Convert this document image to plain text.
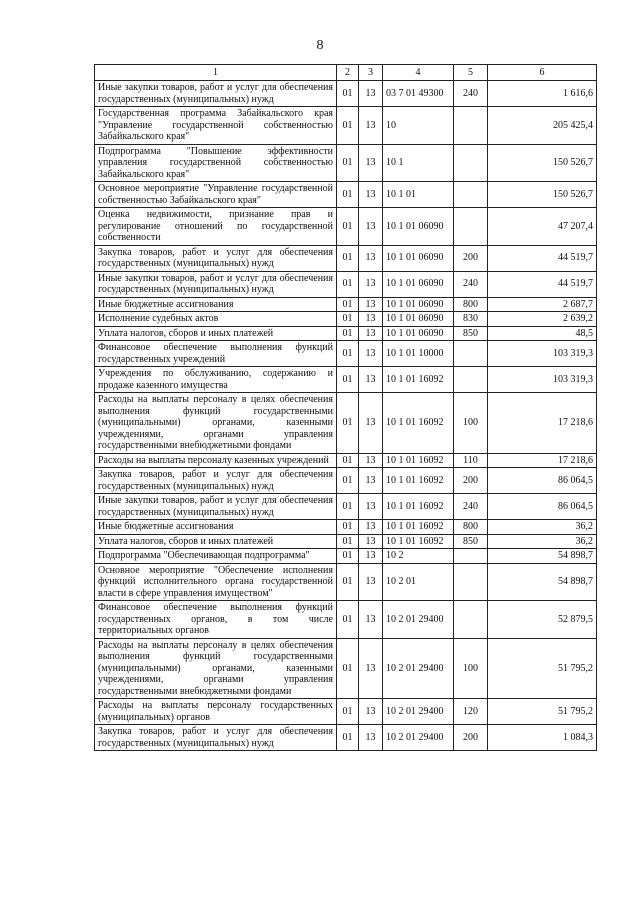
8
1	2	3	4	5	6
Иные закупки товаров, работ и услуг для обеспечения государственных (муниципальных) нужд	01	13	03 7 01 49300	240	1 616,6
Государственная программа Забайкальского края "Управление государственной собственностью Забайкальского края"	01	13	10		205 425,4
Подпрограмма "Повышение эффективности управления государственной собственностью Забайкальского края"	01	13	10 1		150 526,7
Основное мероприятие "Управление государственной собственностью Забайкальского края"	01	13	10 1 01		150 526,7
Оценка недвижимости, признание прав и регулирование отношений по государственной собственности	01	13	10 1 01 06090		47 207,4
Закупка товаров, работ и услуг для обеспечения государственных (муниципальных) нужд	01	13	10 1 01 06090	200	44 519,7
Иные закупки товаров, работ и услуг для обеспечения государственных (муниципальных) нужд	01	13	10 1 01 06090	240	44 519,7
Иные бюджетные ассигнования	01	13	10 1 01 06090	800	2 687,7
Исполнение судебных актов	01	13	10 1 01 06090	830	2 639,2
Уплата налогов, сборов и иных платежей	01	13	10 1 01 06090	850	48,5
Финансовое обеспечение выполнения функций государственных учреждений	01	13	10 1 01 10000		103 319,3
Учреждения по обслуживанию, содержанию и продаже казенного имущества	01	13	10 1 01 16092		103 319,3
Расходы на выплаты персоналу в целях обеспечения выполнения функций государственными (муниципальными) органами, казенными учреждениями, органами управления государственными внебюджетными фондами	01	13	10 1 01 16092	100	17 218,6
Расходы на выплаты персоналу казенных учреждений	01	13	10 1 01 16092	110	17 218,6
Закупка товаров, работ и услуг для обеспечения государственных (муниципальных) нужд	01	13	10 1 01 16092	200	86 064,5
Иные закупки товаров, работ и услуг для обеспечения государственных (муниципальных) нужд	01	13	10 1 01 16092	240	86 064,5
Иные бюджетные ассигнования	01	13	10 1 01 16092	800	36,2
Уплата налогов, сборов и иных платежей	01	13	10 1 01 16092	850	36,2
Подпрограмма "Обеспечивающая подпрограмма"	01	13	10 2		54 898,7
Основное мероприятие "Обеспечение исполнения функций исполнительного органа государственной власти в сфере управления имуществом"	01	13	10 2 01		54 898,7
Финансовое обеспечение выполнения функций государственных органов, в том числе территориальных органов	01	13	10 2 01 29400		52 879,5
Расходы на выплаты персоналу в целях обеспечения выполнения функций государственными (муниципальными) органами, казенными учреждениями, органами управления государственными внебюджетными фондами	01	13	10 2 01 29400	100	51 795,2
Расходы на выплаты персоналу государственных (муниципальных) органов	01	13	10 2 01 29400	120	51 795,2
Закупка товаров, работ и услуг для обеспечения государственных (муниципальных) нужд	01	13	10 2 01 29400	200	1 084,3
